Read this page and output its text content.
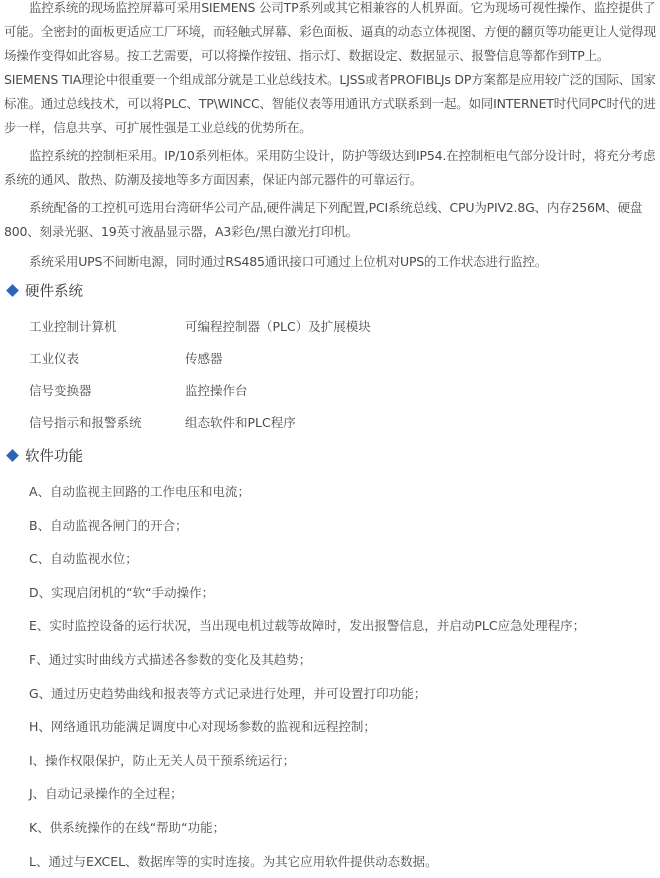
监控系统的现场监控屏幕可采用SIEMENS 公司TP系列或其它相兼容的人机界面。它为现场可视性操作、监控提供了可能。全密封的面板更适应工厂环境，而轻触式屏幕、彩色面板、逼真的动态立体视图、方便的翻页等功能更让人觉得现场操作变得如此容易。按工艺需要，可以将操作按钮、指示灯、数据设定、数据显示、报警信息等都作到TP上。SIEMENS TIA理论中很重要一个组成部分就是工业总线技术。LJSS或者PROFIBLJs DP方案都是应用较广泛的国际、国家标准。通过总线技术，可以将PLC、TP\WINCC、智能仪表等用通讯方式联系到一起。如同INTERNET时代同PC时代的进步一样，信息共享、可扩展性强是工业总线的优势所在。

监控系统的控制柜采用。IP/10系列柜体。采用防尘设计，防护等级达到IP54.在控制柜电气部分设计时，将充分考虑系统的通风、散热、防潮及接地等多方面因素，保证内部元器件的可靠运行。

系统配备的工控机可选用台湾研华公司产品,硬件满足下列配置,PCI系统总线、CPU为PIV2.8G、内存256M、硬盘800、刻录光驱、19英寸液晶显示器，A3彩色/黑白激光打印机。

系统采用UPS不间断电源，同时通过RS485通讯接口可通过上位机对UPS的工作状态进行监控。

硬件系统
工业控制计算机	可编程控制器（PLC）及扩展模块
工业仪表	传感器
信号变换器	监控操作台
信号指示和报警系统	组态软件和PLC程序
软件功能
A、自动监视主回路的工作电压和电流；
B、自动监视各闸门的开合；
C、自动监视水位；
D、实现启闭机的“软“手动操作；
E、实时监控设备的运行状况，当出现电机过载等故障时，发出报警信息，并启动PLC应急处理程序；
F、通过实时曲线方式描述各参数的变化及其趋势；
G、通过历史趋势曲线和报表等方式记录进行处理，并可设置打印功能；
H、网络通讯功能满足调度中心对现场参数的监视和远程控制；
I、操作权限保护，防止无关人员干预系统运行；
J、自动记录操作的全过程；
K、供系统操作的在线“帮助“功能；
L、通过与EXCEL、数据库等的实时连接。为其它应用软件提供动态数据。
